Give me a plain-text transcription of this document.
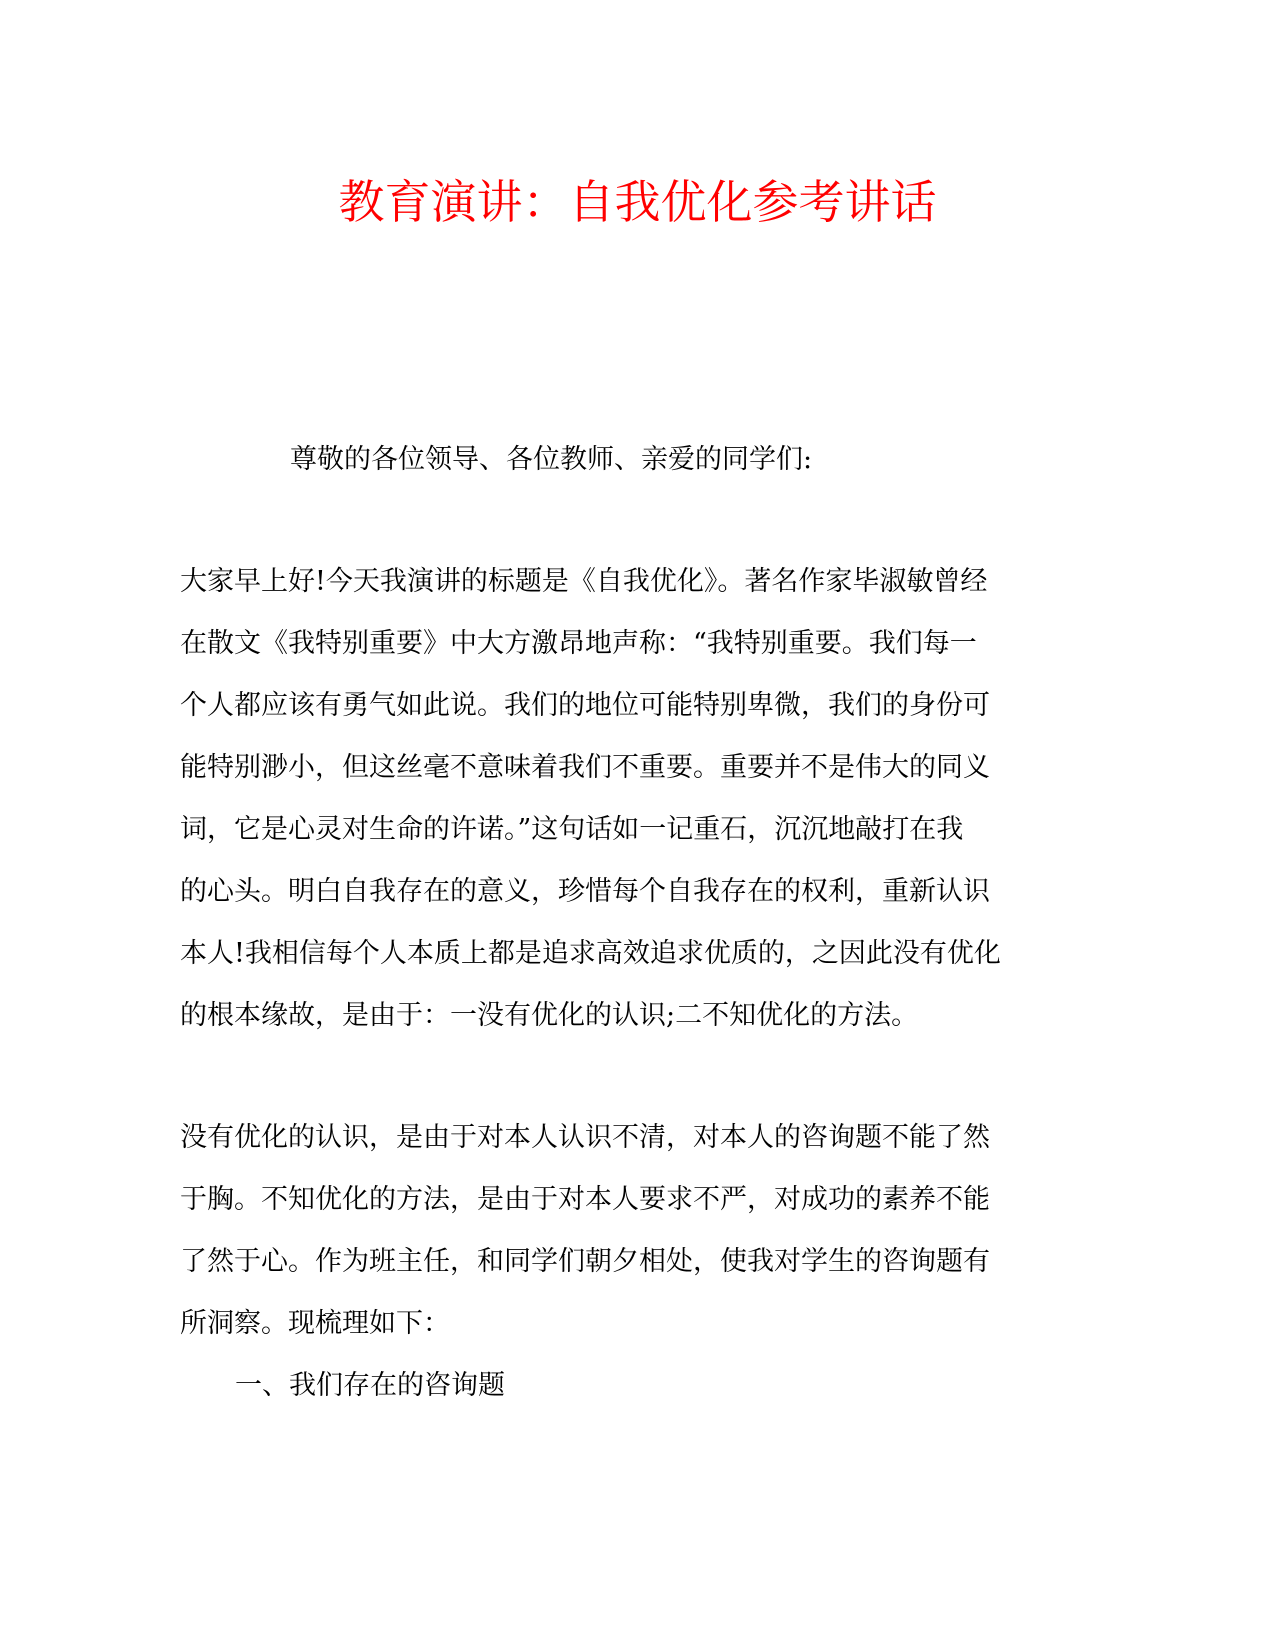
教育演讲：自我优化参考讲话

尊敬的各位领导、各位教师、亲爱的同学们:

大家早上好!今天我演讲的标题是《自我优化》。著名作家毕淑敏曾经

在散文《我特别重要》中大方激昂地声称：“我特别重要。我们每一

个人都应该有勇气如此说。我们的地位可能特别卑微，我们的身份可

能特别渺小，但这丝毫不意味着我们不重要。重要并不是伟大的同义

词，它是心灵对生命的许诺。”这句话如一记重石，沉沉地敲打在我

的心头。明白自我存在的意义，珍惜每个自我存在的权利，重新认识

本人!我相信每个人本质上都是追求高效追求优质的，之因此没有优化

的根本缘故，是由于：一没有优化的认识;二不知优化的方法。

没有优化的认识，是由于对本人认识不清，对本人的咨询题不能了然

于胸。不知优化的方法，是由于对本人要求不严，对成功的素养不能

了然于心。作为班主任，和同学们朝夕相处，使我对学生的咨询题有

所洞察。现梳理如下：

一、我们存在的咨询题
